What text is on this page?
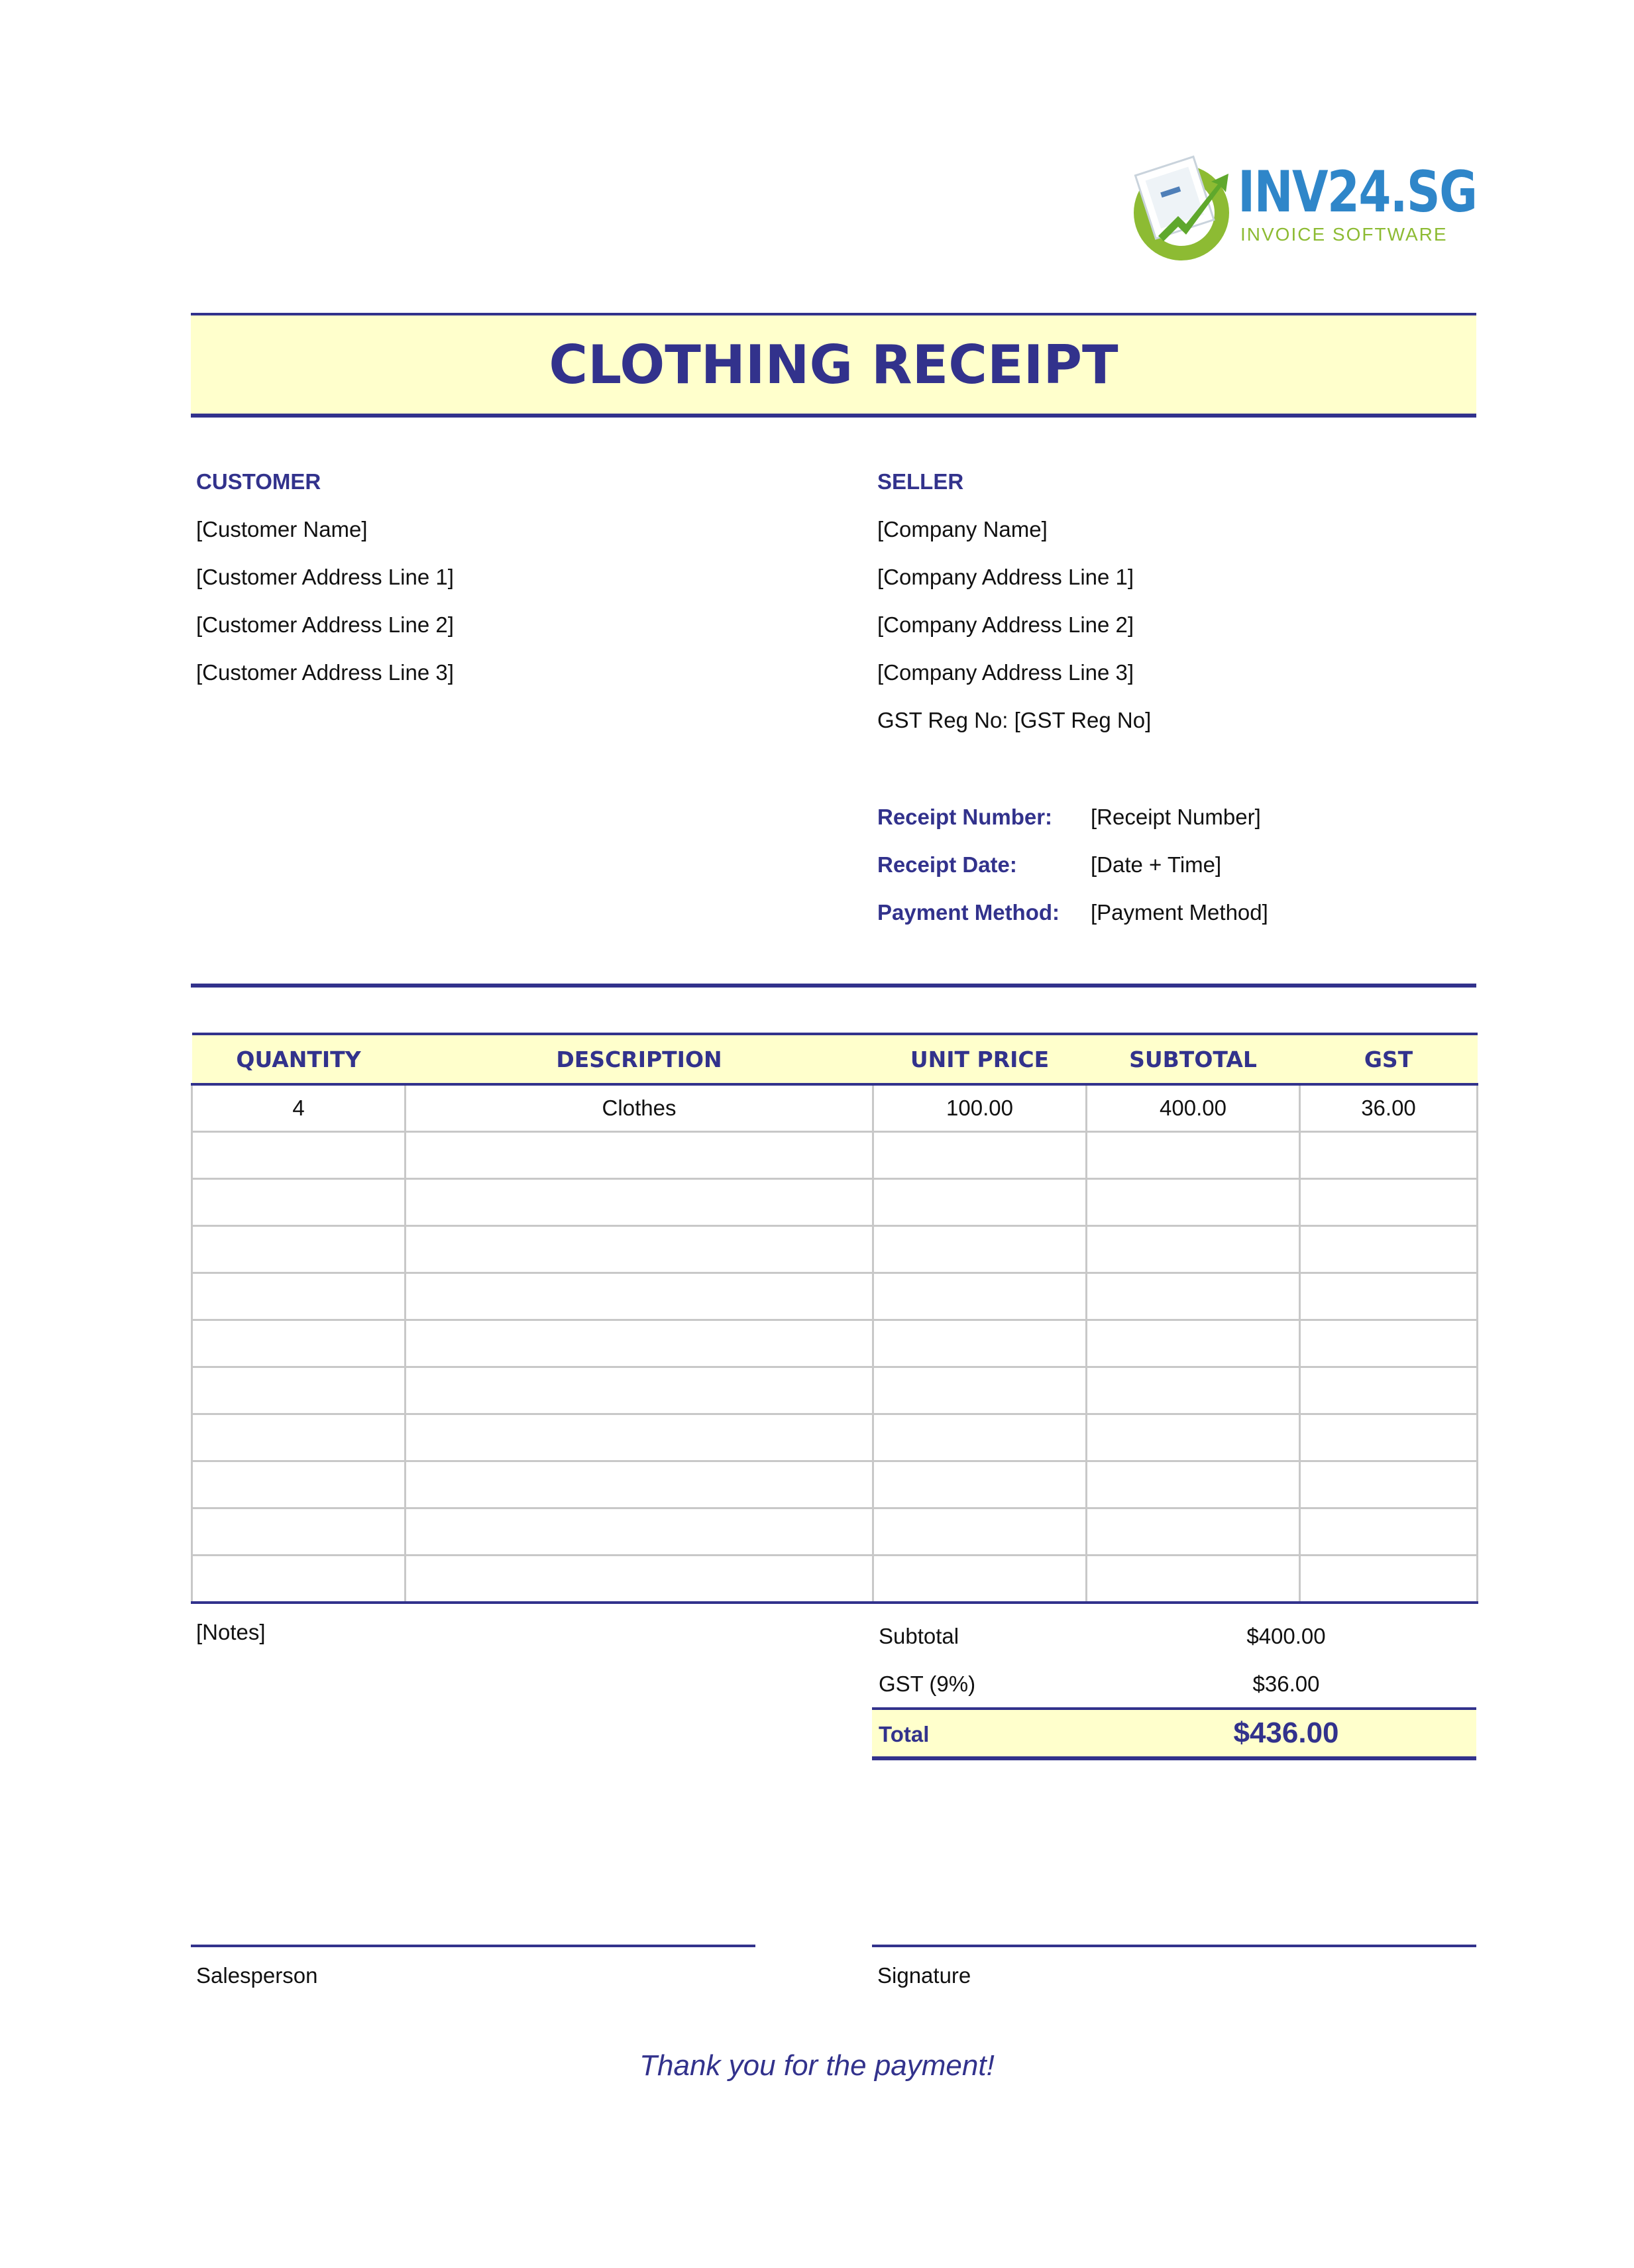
INV24.SG
INVOICE SOFTWARE
CLOTHING RECEIPT
CUSTOMER
[Customer Name]
[Customer Address Line 1]
[Customer Address Line 2]
[Customer Address Line 3]
SELLER
[Company Name]
[Company Address Line 1]
[Company Address Line 2]
[Company Address Line 3]
GST Reg No: [GST Reg No]
Receipt Number: [Receipt Number]
Receipt Date:	[Date + Time]
Payment Method: [Payment Method]
QUANTITY	DESCRIPTION	UNIT PRICE	SUBTOTAL	GST
4	Clothes	100.00	400.00	36.00

[Notes]	Subtotal	$400.00
GST (9%)	$36.00
Total	$436.00
Salesperson	Signature
Thank you for the payment!
